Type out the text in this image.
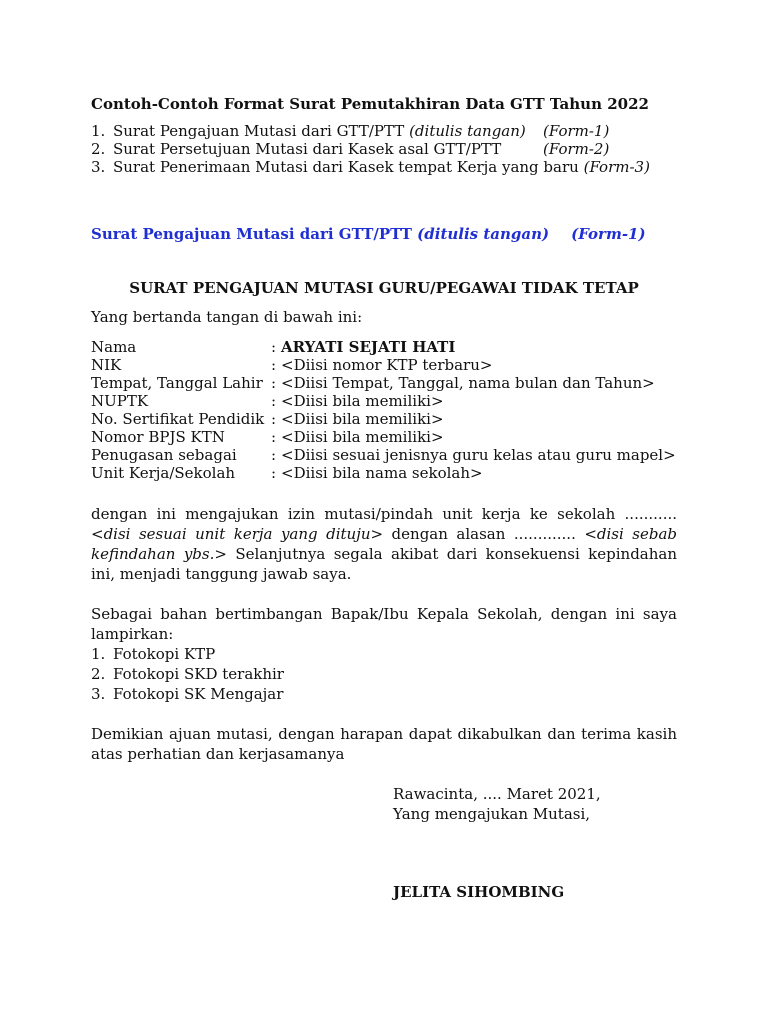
Contoh-Contoh Format Surat Pemutakhiran Data GTT Tahun 2022
1. Surat Pengajuan Mutasi dari GTT/PTT (ditulis tangan) (Form-1)
2. Surat Persetujuan Mutasi dari Kasek asal GTT/PTT	(Form-2)
3. Surat Penerimaan Mutasi dari Kasek tempat Kerja yang baru (Form-3)
Surat Pengajuan Mutasi dari GTT/PTT (ditulis tangan) (Form-1)
SURAT PENGAJUAN MUTASI GURU/PEGAWAI TIDAK TETAP
Yang bertanda tangan di bawah ini:
Nama	: ARYATI SEJATI HATI
NIK	: <Diisi nomor KTP terbaru>
Tempat, Tanggal Lahir : <Diisi Tempat, Tanggal, nama bulan dan Tahun>
NUPTK	: <Diisi bila memiliki>
No. Sertifikat Pendidik : <Diisi bila memiliki>
Nomor BPJS KTN	: <Diisi bila memiliki>
Penugasan sebagai	: <Diisi sesuai jenisnya guru kelas atau guru mapel>
Unit Kerja/Sekolah	: <Diisi bila nama sekolah>
dengan ini mengajukan izin mutasi/pindah unit kerja ke sekolah ........... <disi sesuai unit kerja yang dituju> dengan alasan ............. <disi sebab kefindahan ybs.> Selanjutnya segala akibat dari konsekuensi kepindahan ini, menjadi tanggung jawab saya.
Sebagai bahan bertimbangan Bapak/Ibu Kepala Sekolah, dengan ini saya lampirkan:
1. Fotokopi KTP
2. Fotokopi SKD terakhir
3. Fotokopi SK Mengajar
Demikian ajuan mutasi, dengan harapan dapat dikabulkan dan terima kasih atas perhatian dan kerjasamanya
Rawacinta, .... Maret 2021,
Yang mengajukan Mutasi,
JELITA SIHOMBING
